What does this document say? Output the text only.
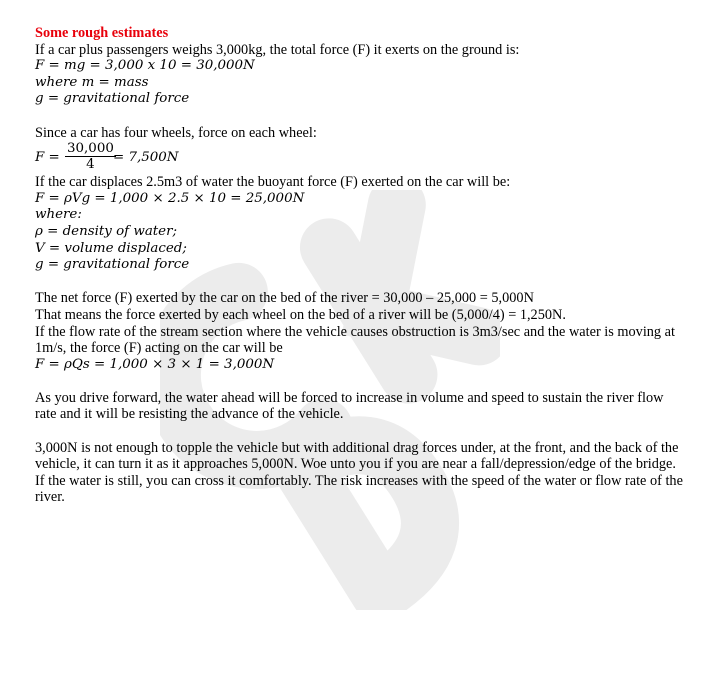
Some rough estimates
If a car plus passengers weighs 3,000kg, the total force (F) it exerts on the ground is:
F = mg = 3,000 x 10 = 30,000N
where m = mass
g = gravitational force
Since a car has four wheels, force on each wheel:
$F = \frac{30,000}{4}$
= 7,500N
If the car displaces 2.5m3 of water the buoyant force (F) exerted on the car will be:
F = ρVg = 1,000 × 2.5 × 10 = 25,000N
where:
ρ = density of water;
V = volume displaced;
g = gravitational force
The net force (F) exerted by the car on the bed of the river = 30,000 – 25,000 = 5,000N
That means the force exerted by each wheel on the bed of a river will be (5,000/4) = 1,250N.
If the flow rate of the stream section where the vehicle causes obstruction is 3m3/sec and the water is moving at 1m/s, the force (F) acting on the car will be
F = ρQs = 1,000 × 3 × 1 = 3,000N
As you drive forward, the water ahead will be forced to increase in volume and speed to sustain the river flow rate and it will be resisting the advance of the vehicle.
3,000N is not enough to topple the vehicle but with additional drag forces under, at the front, and the back of the vehicle, it can turn it as it approaches 5,000N. Woe unto you if you are near a fall/depression/edge of the bridge.
If the water is still, you can cross it comfortably. The risk increases with the speed of the water or flow rate of the river.
